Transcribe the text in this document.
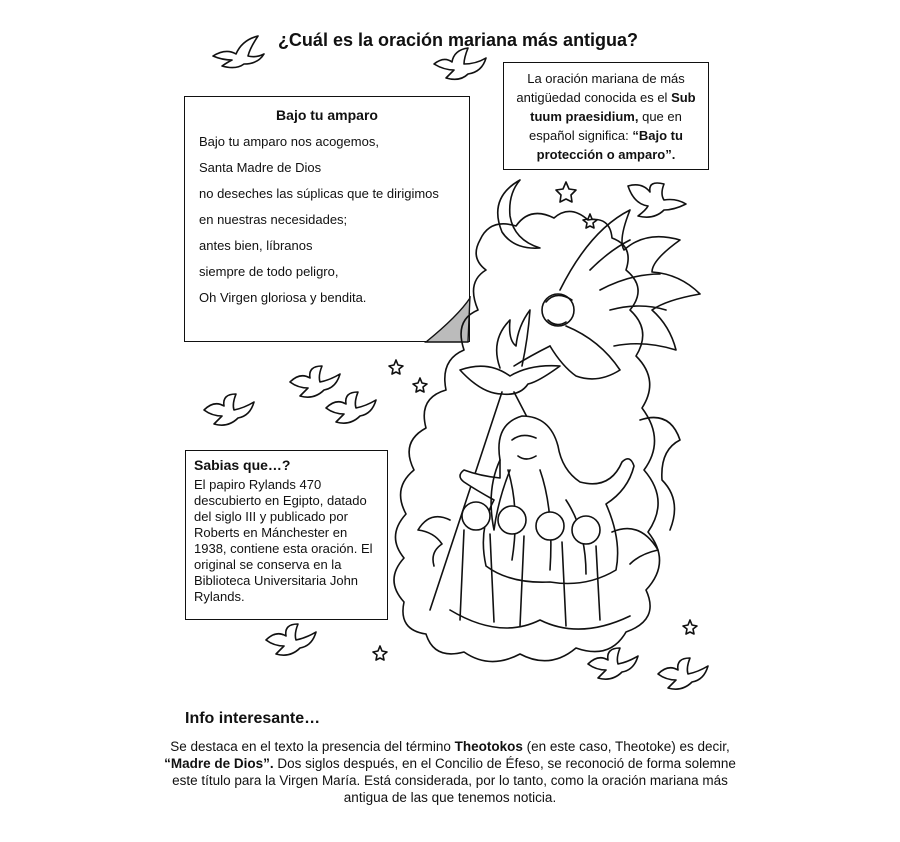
¿Cuál es la oración mariana más antigua?
Bajo tu amparo
Bajo tu amparo nos acogemos,
Santa Madre de Dios
no deseches las súplicas que te dirigimos
en nuestras necesidades;
antes bien, líbranos
siempre de todo peligro,
Oh Virgen gloriosa y bendita.
La oración mariana de más antigüedad conocida es el Sub tuum praesidium, que en español significa: “Bajo tu protección o amparo”.
Sabias que…?
El papiro Rylands 470 descubierto en Egipto, datado del siglo III y publicado por Roberts en Mánchester en 1938, contiene esta oración. El original se conserva en la Biblioteca Universitaria John Rylands.
Info interesante…
Se destaca en el texto la presencia del término Theotokos (en este caso, Theotoke) es decir, “Madre de Dios”. Dos siglos después, en el Concilio de Éfeso, se reconoció de forma solemne este título para la Virgen María. Está considerada, por lo tanto, como la oración mariana más antigua de las que tenemos noticia.
